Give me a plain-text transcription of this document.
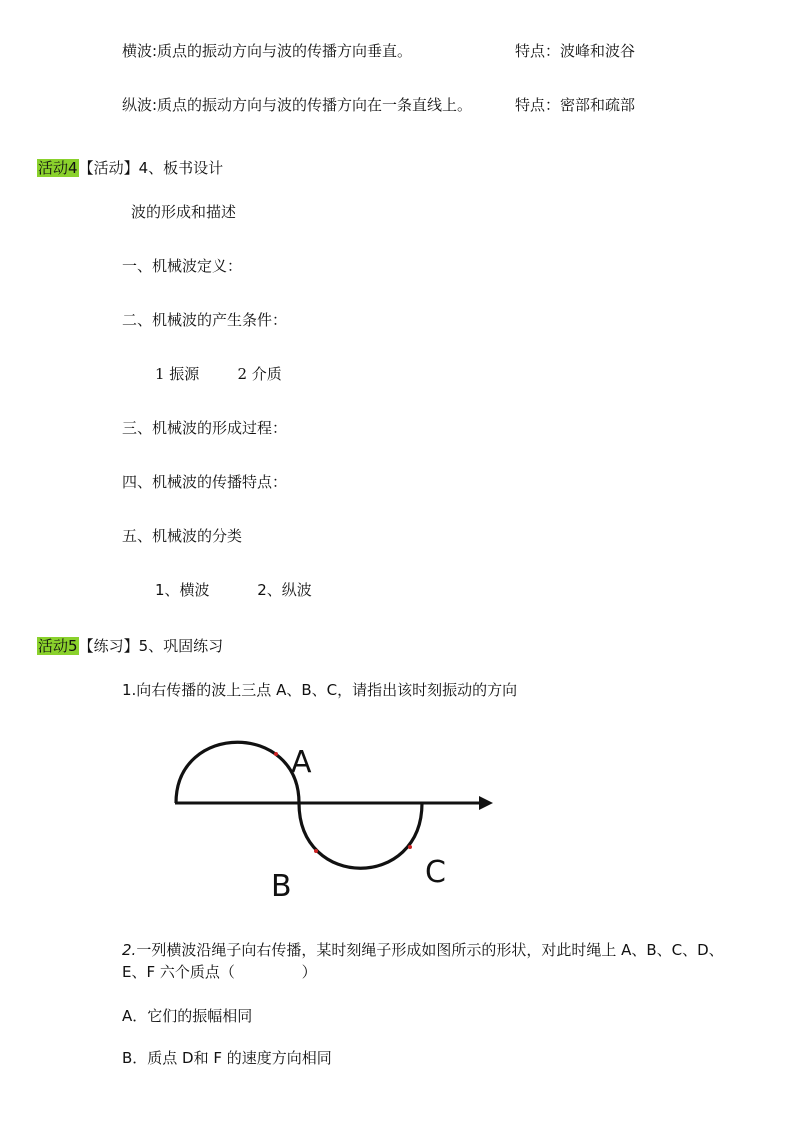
横波:质点的振动方向与波的传播方向垂直。	特点：波峰和波谷
纵波:质点的振动方向与波的传播方向在一条直线上。	特点：密部和疏部
活动4【活动】4、板书设计
波的形成和描述
一、机械波定义：
二、机械波的产生条件：
1 振源        2 介质
三、机械波的形成过程：
四、机械波的传播特点：
五、机械波的分类
1、横波          2、纵波
活动5【练习】5、巩固练习
1.向右传播的波上三点 A、B、C，请指出该时刻振动的方向
A
B	C
2.一列横波沿绳子向右传播，某时刻绳子形成如图所示的形状，对此时绳上 A、B、C、D、
E、F 六个质点（              ）
A．它们的振幅相同
B．质点 D和 F 的速度方向相同
